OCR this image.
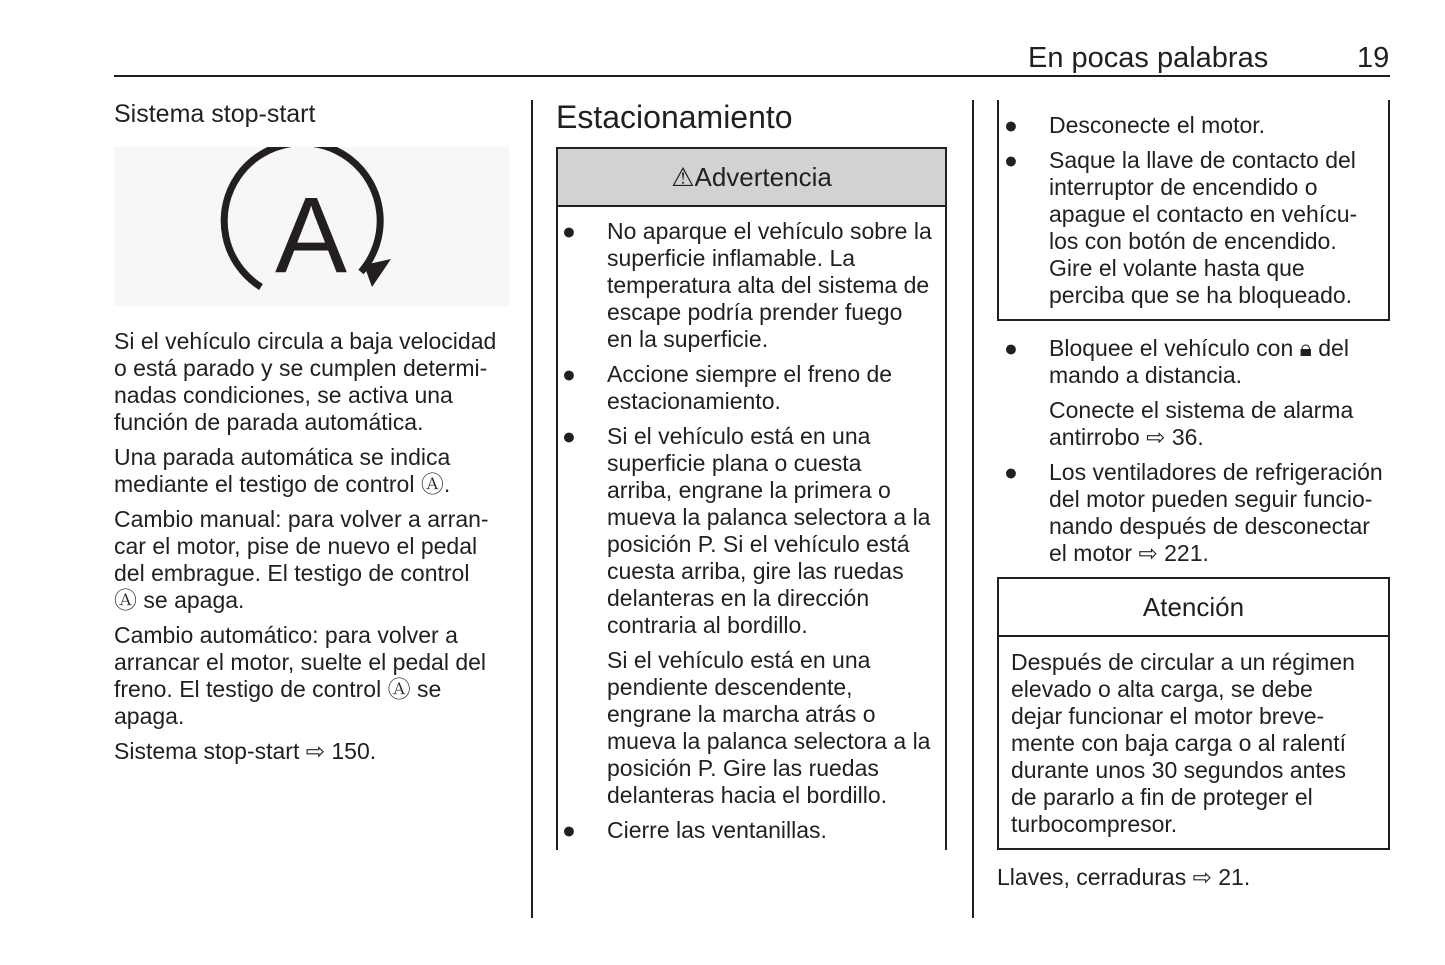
En pocas palabras	19
Sistema stop-start
A
Si el vehículo circula a baja velocidad
o está parado y se cumplen determi-
nadas condiciones, se activa una
función de parada automática.
Una parada automática se indica
mediante el testigo de control Ⓐ.
Cambio manual: para volver a arran-
car el motor, pise de nuevo el pedal
del embrague. El testigo de control
Ⓐ se apaga.
Cambio automático: para volver a
arrancar el motor, suelte el pedal del
freno. El testigo de control Ⓐ se
apaga.
Sistema stop-start ⇨ 150.
Estacionamiento
⚠ Advertencia
● No aparque el vehículo sobre la
superficie inflamable. La
temperatura alta del sistema de
escape podría prender fuego
en la superficie.
● Accione siempre el freno de
estacionamiento.
● Si el vehículo está en una
superficie plana o cuesta
arriba, engrane la primera o
mueva la palanca selectora a la
posición P. Si el vehículo está
cuesta arriba, gire las ruedas
delanteras en la dirección
contraria al bordillo.
Si el vehículo está en una
pendiente descendente,
engrane la marcha atrás o
mueva la palanca selectora a la
posición P. Gire las ruedas
delanteras hacia el bordillo.
● Cierre las ventanillas.
● Desconecte el motor.
● Saque la llave de contacto del
interruptor de encendido o
apague el contacto en vehícu-
los con botón de encendido.
Gire el volante hasta que
perciba que se ha bloqueado.
● Bloquee el vehículo con 🔒︎ del
mando a distancia.
Conecte el sistema de alarma
antirrobo ⇨ 36.
● Los ventiladores de refrigeración
del motor pueden seguir funcio-
nando después de desconectar
el motor ⇨ 221.
Atención
Después de circular a un régimen
elevado o alta carga, se debe
dejar funcionar el motor breve-
mente con baja carga o al ralentí
durante unos 30 segundos antes
de pararlo a fin de proteger el
turbocompresor.
Llaves, cerraduras ⇨ 21.
